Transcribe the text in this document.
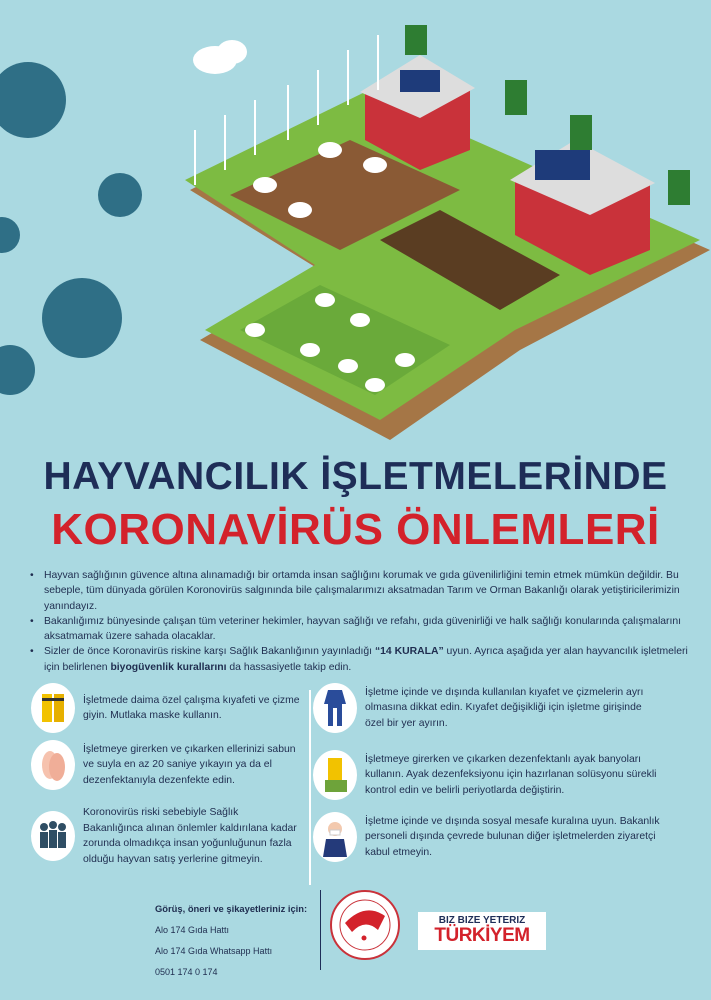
HAYVANCILIK İŞLETMELERİNDE
KORONAVİRÜS ÖNLEMLERİ
• Hayvan sağlığının güvence altına alınamadığı bir ortamda insan sağlığını korumak ve gıda güvenilirliğini temin etmek mümkün değildir. Bu sebeple, tüm dünyada görülen Koronovirüs salgınında bile çalışmalarımızı aksatmadan Tarım ve Orman Bakanlığı olarak yetiştiricilerimizin yanındayız.
• Bakanlığımız bünyesinde çalışan tüm veteriner hekimler, hayvan sağlığı ve refahı, gıda güvenirliği ve halk sağlığı konularında çalışmalarını aksatmamak üzere sahada olacaklar.
• Sizler de önce Koronavirüs riskine karşı Sağlık Bakanlığının yayınladığı “14 KURALA” uyun. Ayrıca aşağıda yer alan hayvancılık işletmeleri için belirlenen biyogüvenlik kurallarını da hassasiyetle takip edin.
İşletmede daima özel çalışma kıyafeti ve çizme giyin. Mutlaka maske kullanın.
İşletmeye girerken ve çıkarken ellerinizi sabun ve suyla en az 20 saniye yıkayın ya da el dezenfektanıyla dezenfekte edin.
Koronovirüs riski sebebiyle Sağlık Bakanlığınca alınan önlemler kaldırılana kadar zorunda olmadıkça insan yoğunluğunun fazla olduğu hayvan satış yerlerine gitmeyin.
İşletme içinde ve dışında kullanılan kıyafet ve çizmelerin ayrı olmasına dikkat edin. Kıyafet değişikliği için işletme girişinde özel bir yer ayırın.
İşletmeye girerken ve çıkarken dezenfektanlı ayak banyoları kullanın. Ayak dezenfeksiyonu için hazırlanan solüsyonu sürekli kontrol edin ve belirli periyotlarda değiştirin.
İşletme içinde ve dışında sosyal mesafe kuralına uyun. Bakanlık personeli dışında çevrede bulunan diğer işletmelerden ziyaretçi kabul etmeyin.
Görüş, öneri ve şikayetleriniz için:
Alo 174 Gıda Hattı
Alo 174 Gıda Whatsapp Hattı
0501 174 0 174
BIZ BIZE YETERIZ
TÜRKİYEM
